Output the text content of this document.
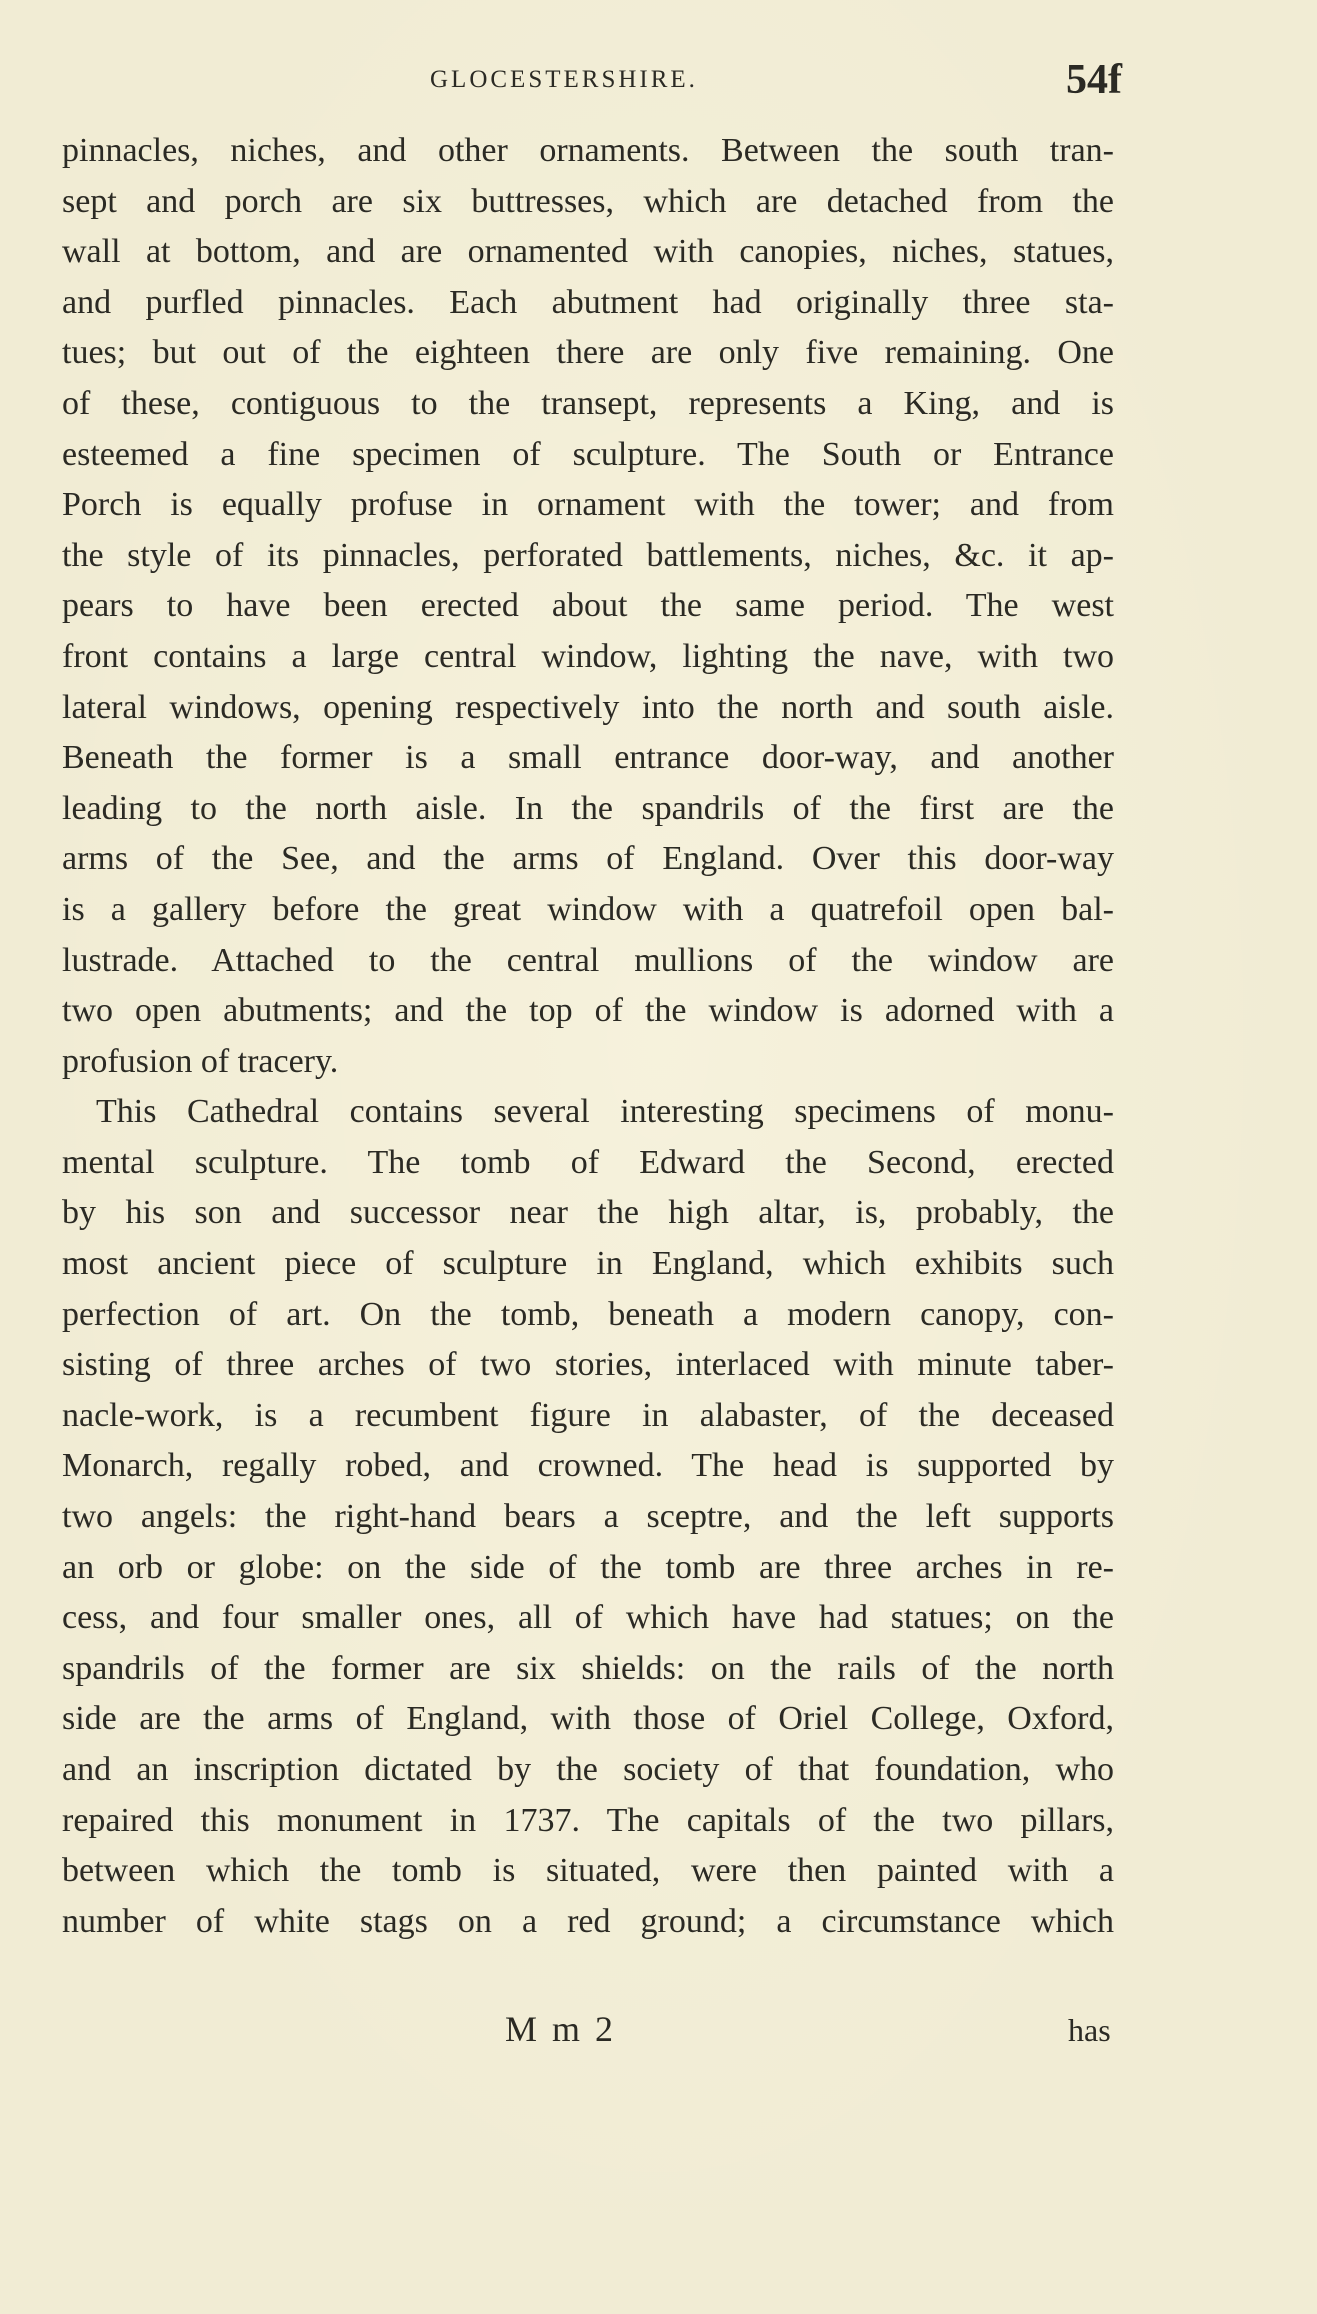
GLOCESTERSHIRE.	54f
pinnacles, niches, and other ornaments. Between the south tran-
sept and porch are six buttresses, which are detached from the
wall at bottom, and are ornamented with canopies, niches, statues,
and purfled pinnacles. Each abutment had originally three sta-
tues; but out of the eighteen there are only five remaining. One
of these, contiguous to the transept, represents a King, and is
esteemed a fine specimen of sculpture. The South or Entrance
Porch is equally profuse in ornament with the tower; and from
the style of its pinnacles, perforated battlements, niches, &c. it ap-
pears to have been erected about the same period. The west
front contains a large central window, lighting the nave, with two
lateral windows, opening respectively into the north and south aisle.
Beneath the former is a small entrance door-way, and another
leading to the north aisle. In the spandrils of the first are the
arms of the See, and the arms of England. Over this door-way
is a gallery before the great window with a quatrefoil open bal-
lustrade. Attached to the central mullions of the window are
two open abutments; and the top of the window is adorned with a
profusion of tracery.
This Cathedral contains several interesting specimens of monu-
mental sculpture. The tomb of Edward the Second, erected
by his son and successor near the high altar, is, probably, the
most ancient piece of sculpture in England, which exhibits such
perfection of art. On the tomb, beneath a modern canopy, con-
sisting of three arches of two stories, interlaced with minute taber-
nacle-work, is a recumbent figure in alabaster, of the deceased
Monarch, regally robed, and crowned. The head is supported by
two angels: the right-hand bears a sceptre, and the left supports
an orb or globe: on the side of the tomb are three arches in re-
cess, and four smaller ones, all of which have had statues; on the
spandrils of the former are six shields: on the rails of the north
side are the arms of England, with those of Oriel College, Oxford,
and an inscription dictated by the society of that foundation, who
repaired this monument in 1737. The capitals of the two pillars,
between which the tomb is situated, were then painted with a
number of white stags on a red ground; a circumstance which
M m 2	has
